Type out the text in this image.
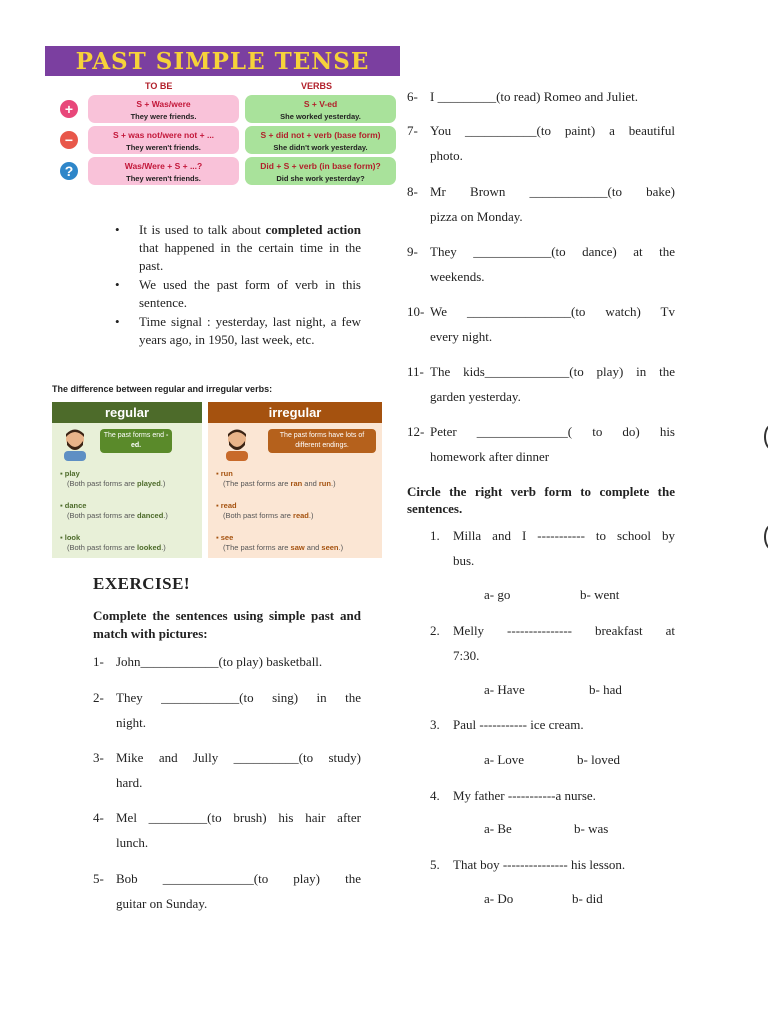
PAST SIMPLE TENSE
TO BE	VERBS
+
−
?
S + Was/were
They were friends.
S + V-ed
She worked yesterday.
S + was not/were not + ...
They weren't friends.
S + did not + verb (base form)
She didn't work yesterday.
Was/Were + S + ...?
They weren't friends.
Did + S + verb (in base form)?
Did she work yesterday?
• It is used to talk about completed action that happened in the certain time in the past.
• We used the past form of verb in this sentence.
• Time signal : yesterday, last night, a few years ago, in 1950, last week, etc.
The difference between regular and irregular verbs:
regular
The past forms end -ed.
▪ play
(Both past forms are played.)
▪ dance
(Both past forms are danced.)
▪ look
(Both past forms are looked.)
irregular
The past forms have lots of different endings.
▪ run
(The past forms are ran and run.)
▪ read
(Both past forms are read.)
▪ see
(The past forms are saw and seen.)
EXERCISE!
Complete the sentences using simple past and match with pictures:
1- John____________(to play) basketball.
2- They ____________(to sing) in the
night.
3- Mike and Jully __________(to study)
hard.
4- Mel _________(to brush) his hair after
lunch.
5- Bob ______________(to play) the
guitar on Sunday.
6- I _________(to read) Romeo and Juliet.
7- You ___________(to paint) a beautiful
photo.
8- Mr Brown ____________(to bake)
pizza on Monday.
9- They ____________(to dance) at the
weekends.
10- We ________________(to watch) Tv
every night.
11- The kids_____________(to play) in the
garden yesterday.
12- Peter ______________( to do) his
homework after dinner
Circle the right verb form to complete the sentences.
1.	Milla and I ----------- to school by
bus.
a- go	b- went
2.	Melly --------------- breakfast at
7:30.
a- Have	b- had
3.	Paul ----------- ice cream.
a- Love	b- loved
4.	My father -----------a nurse.
a- Be	b- was
5.	That boy --------------- his lesson.
a- Do	b- did
